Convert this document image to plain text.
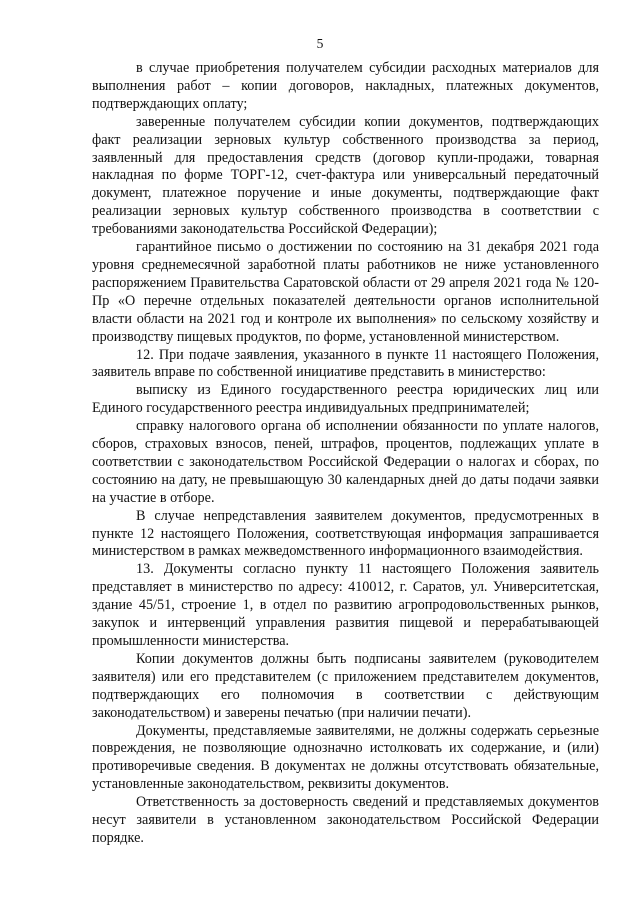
5

в случае приобретения получателем субсидии расходных материалов для выполнения работ – копии договоров, накладных, платежных документов, подтверждающих оплату;

заверенные получателем субсидии копии документов, подтверждающих факт реализации зерновых культур собственного производства за период, заявленный для предоставления средств (договор купли-продажи, товарная накладная по форме ТОРГ-12, счет-фактура или универсальный передаточный документ, платежное поручение и иные документы, подтверждающие факт реализации зерновых культур собственного производства в соответствии с требованиями законодательства Российской Федерации);

гарантийное письмо о достижении по состоянию на 31 декабря 2021 года уровня среднемесячной заработной платы работников не ниже установленного распоряжением Правительства Саратовской области от 29 апреля 2021 года № 120-Пр «О перечне отдельных показателей деятельности органов исполнительной власти области на 2021 год и контроле их выполнения» по сельскому хозяйству и производству пищевых продуктов, по форме, установленной министерством.

12. При подаче заявления, указанного в пункте 11 настоящего Положения, заявитель вправе по собственной инициативе представить в министерство:

выписку из Единого государственного реестра юридических лиц или Единого государственного реестра индивидуальных предпринимателей;

справку налогового органа об исполнении обязанности по уплате налогов, сборов, страховых взносов, пеней, штрафов, процентов, подлежащих уплате в соответствии с законодательством Российской Федерации о налогах и сборах, по состоянию на дату, не превышающую 30 календарных дней до даты подачи заявки на участие в отборе.

В случае непредставления заявителем документов, предусмотренных в пункте 12 настоящего Положения, соответствующая информация запрашивается министерством в рамках межведомственного информационного взаимодействия.

13. Документы согласно пункту 11 настоящего Положения заявитель представляет в министерство по адресу: 410012, г. Саратов, ул. Университетская, здание 45/51, строение 1, в отдел по развитию агропродовольственных рынков, закупок и интервенций управления развития пищевой и перерабатывающей промышленности министерства.

Копии документов должны быть подписаны заявителем (руководителем заявителя) или его представителем (с приложением представителем документов, подтверждающих его полномочия в соответствии с действующим законодательством) и заверены печатью (при наличии печати).

Документы, представляемые заявителями, не должны содержать серьезные повреждения, не позволяющие однозначно истолковать их содержание, и (или) противоречивые сведения. В документах не должны отсутствовать обязательные, установленные законодательством, реквизиты документов.

Ответственность за достоверность сведений и представляемых документов несут заявители в установленном законодательством Российской Федерации порядке.
